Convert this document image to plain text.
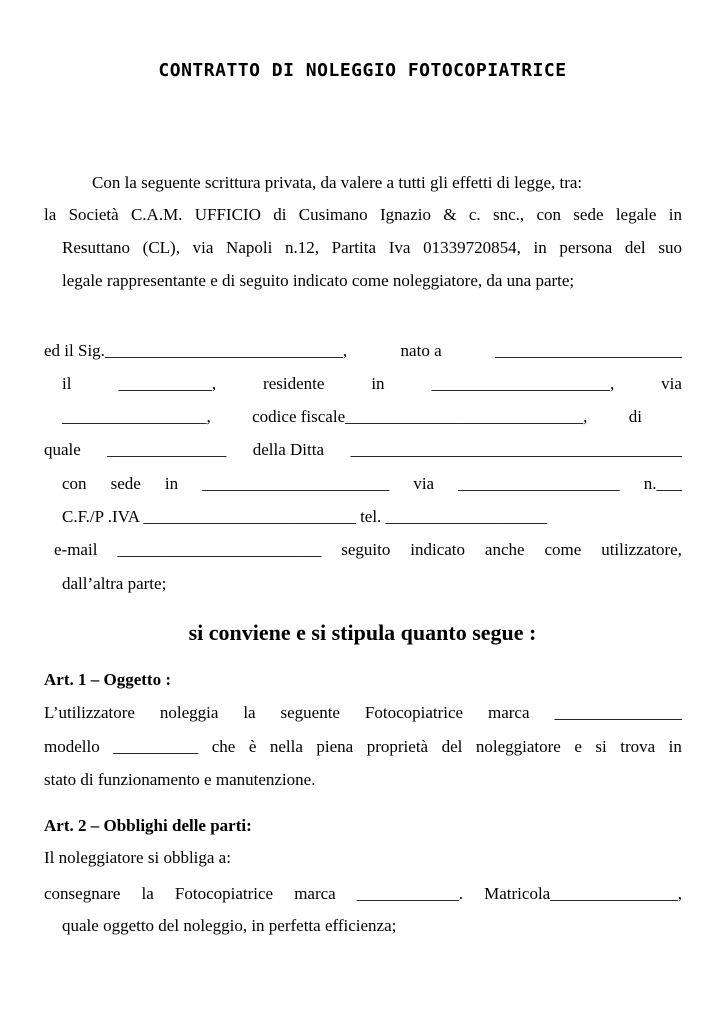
CONTRATTO DI NOLEGGIO FOTOCOPIATRICE
Con la seguente scrittura privata, da valere a tutti gli effetti di legge, tra:
la Società C.A.M. UFFICIO di Cusimano Ignazio & c. snc., con sede legale in
Resuttano (CL), via Napoli n.12, Partita Iva 01339720854, in persona del suo
legale rappresentante e di seguito indicato come noleggiatore, da una parte;
ed il Sig.____________________________,	nato a	______________________
il	___________,	residente	in	_____________________,	via
_________________, codice fiscale____________________________, di
quale ______________ della Ditta _______________________________________
con sede in ______________________ via ___________________ n.___
C.F./P .IVA _________________________ tel. ___________________
e-mail ________________________ seguito indicato anche come utilizzatore,
dall’altra parte;
si conviene e si stipula quanto segue :
Art. 1 – Oggetto :
L’utilizzatore noleggia la seguente Fotocopiatrice marca _______________
modello __________ che è nella piena proprietà del noleggiatore e si trova in
stato di funzionamento e manutenzione.
Art. 2 – Obblighi delle parti:
Il noleggiatore si obbliga a:
consegnare la Fotocopiatrice marca ____________. Matricola_______________,
quale oggetto del noleggio, in perfetta efficienza;
